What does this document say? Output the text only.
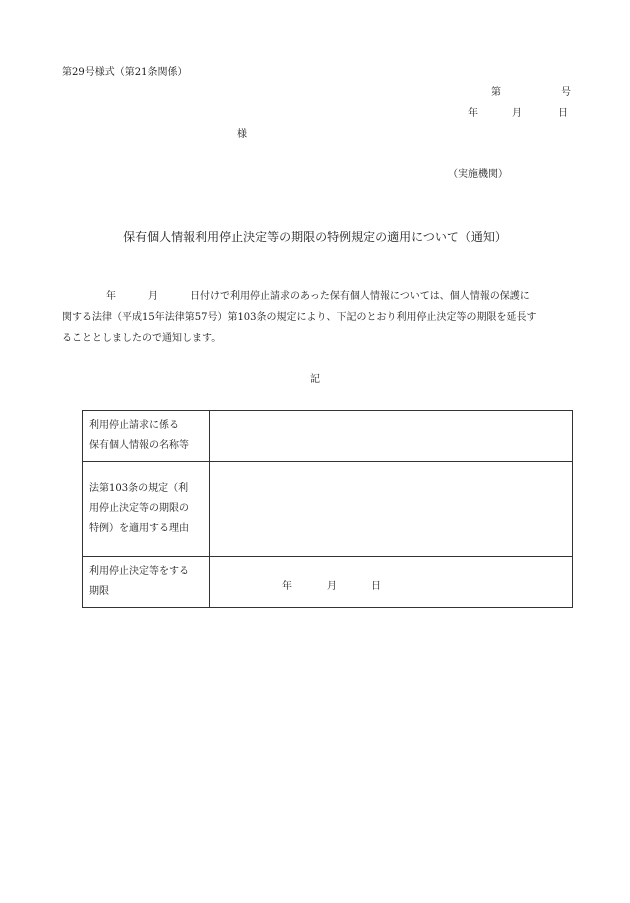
第29号様式（第21条関係）
第	号
年	月	日
様
（実施機関）
保有個人情報利用停止決定等の期限の特例規定の適用について（通知）
年	月	日付けで利用停止請求のあった保有個人情報については、個人情報の保護に
関する法律（平成15年法律第57号）第103条の規定により、下記のとおり利用停止決定等の期限を延長す
ることとしましたので通知します。
記
利用停止請求に係る
保有個人情報の名称等	

法第103条の規定（利
用停止決定等の期限の
特例）を適用する理由	

利用停止決定等をする
期限	年 月 日
